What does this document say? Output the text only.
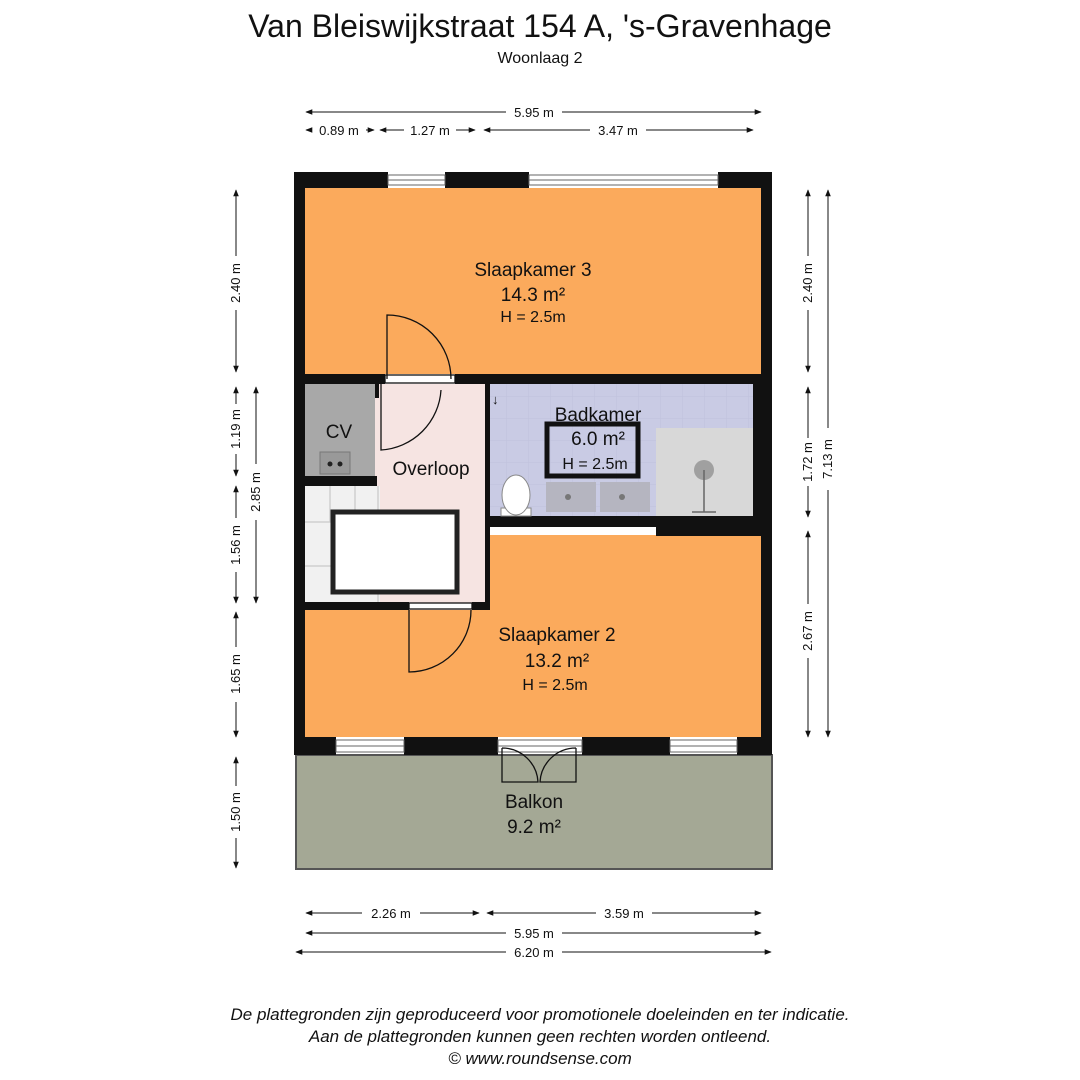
Van Bleiswijkstraat 154 A, 's-Gravenhage
Woonlaag 2
↓
Slaapkamer 3
14.3 m²
H = 2.5m
Badkamer
6.0 m²
H = 2.5m
CV
Overloop
Slaapkamer 2
13.2 m²
H = 2.5m
Balkon
9.2 m²
5.95 m
0.89 m	1.27 m	3.47 m
2.40 m
1.19 m
2.85 m
1.56 m
1.65 m
1.50 m
2.40 m
1.72 m
2.67 m
7.13 m
2.26 m	3.59 m
5.95 m
6.20 m
De plattegronden zijn geproduceerd voor promotionele doeleinden en ter indicatie.
Aan de plattegronden kunnen geen rechten worden ontleend.
© www.roundsense.com
